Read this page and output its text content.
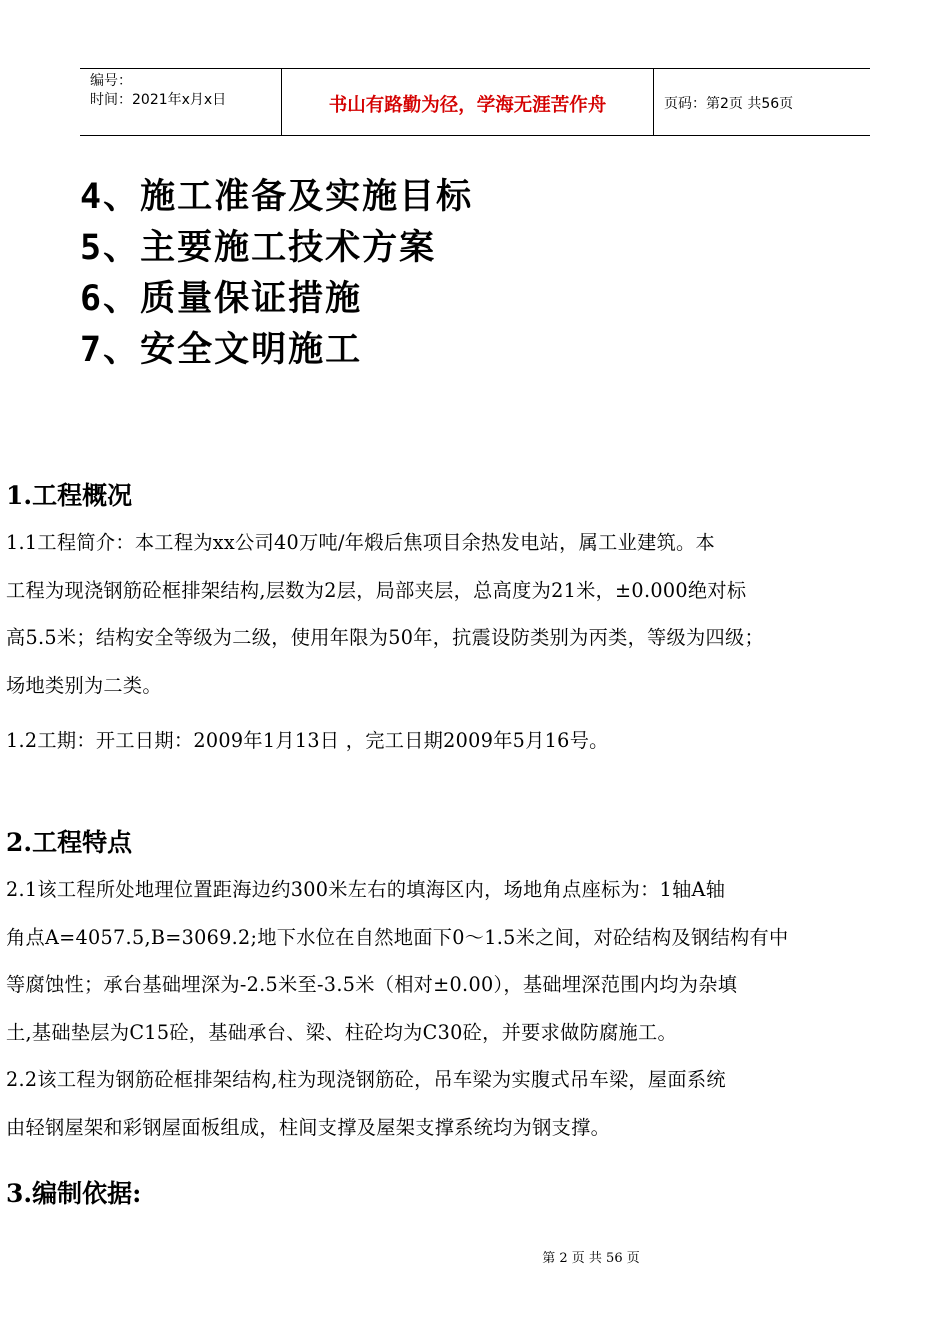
编号：
时间：2021年x月x日	书山有路勤为径，学海无涯苦作舟	页码：第2页 共56页
4、施工准备及实施目标
5、主要施工技术方案
6、质量保证措施
7、安全文明施工
1.工程概况
1.1工程简介：本工程为xx公司40万吨/年煅后焦项目余热发电站，属工业建筑。本
工程为现浇钢筋砼框排架结构,层数为2层，局部夹层，总高度为21米，±0.000绝对标
高5.5米；结构安全等级为二级，使用年限为50年，抗震设防类别为丙类，等级为四级；
场地类别为二类。
1.2工期：开工日期：2009年1月13日 ，完工日期2009年5月16号。
2.工程特点
2.1该工程所处地理位置距海边约300米左右的填海区内，场地角点座标为：1轴A轴
角点A=4057.5,B=3069.2;地下水位在自然地面下0～1.5米之间，对砼结构及钢结构有中
等腐蚀性；承台基础埋深为-2.5米至-3.5米（相对±0.00），基础埋深范围内均为杂填
土,基础垫层为C15砼，基础承台、梁、柱砼均为C30砼，并要求做防腐施工。
2.2该工程为钢筋砼框排架结构,柱为现浇钢筋砼，吊车梁为实腹式吊车梁，屋面系统
由轻钢屋架和彩钢屋面板组成，柱间支撑及屋架支撑系统均为钢支撑。
3.编制依据:
第 2 页 共 56 页
